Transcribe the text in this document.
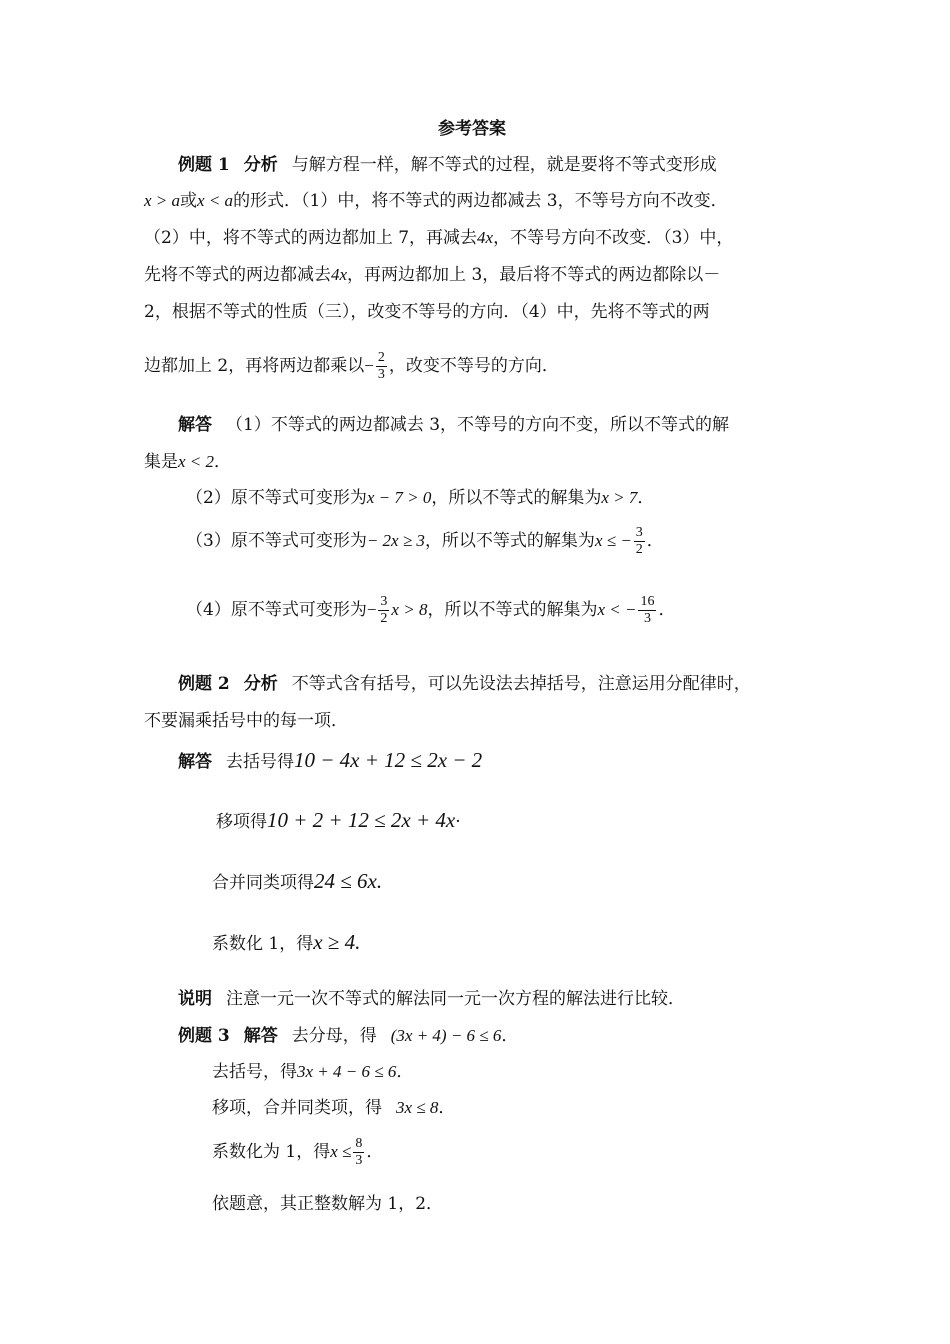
参考答案
例题 1 分析 与解方程一样，解不等式的过程，就是要将不等式变形成
x > a或x < a的形式．（1）中，将不等式的两边都减去 3，不等号方向不改变．
（2）中，将不等式的两边都加上 7，再减去4x，不等号方向不改变．（3）中，
先将不等式的两边都减去4x，再两边都加上 3，最后将不等式的两边都除以－
2，根据不等式的性质（三），改变不等号的方向．（4）中，先将不等式的两
边都加上 2，再将两边都乘以− $\frac{2}{3}$ ，改变不等号的方向．
解答 （1）不等式的两边都减去 3，不等号的方向不变，所以不等式的解
集是x < 2．
（2）原不等式可变形为x − 7 > 0，所以不等式的解集为x > 7．
（3）原不等式可变形为− 2x ≥ 3，所以不等式的解集为x ≤ − $\frac{3}{2}$ ．
（4）原不等式可变形为− $\frac{3}{2}$ x > 8，所以不等式的解集为x < − $\frac{16}{3}$ ．
例题 2 分析 不等式含有括号，可以先设法去掉括号，注意运用分配律时，
不要漏乘括号中的每一项．
解答 去括号得10 − 4x + 12 ≤ 2x − 2
移项得10 + 2 + 12 ≤ 2x + 4x·
合并同类项得24 ≤ 6x.
系数化 1，得x ≥ 4.
说明 注意一元一次不等式的解法同一元一次方程的解法进行比较．
例题 3 解答 去分母，得 (3x + 4) − 6 ≤ 6．
去括号，得3x + 4 − 6 ≤ 6．
移项，合并同类项，得 3x ≤ 8．
系数化为 1，得$x \le \frac{8}{3}$ ．
依题意，其正整数解为 1，2．
